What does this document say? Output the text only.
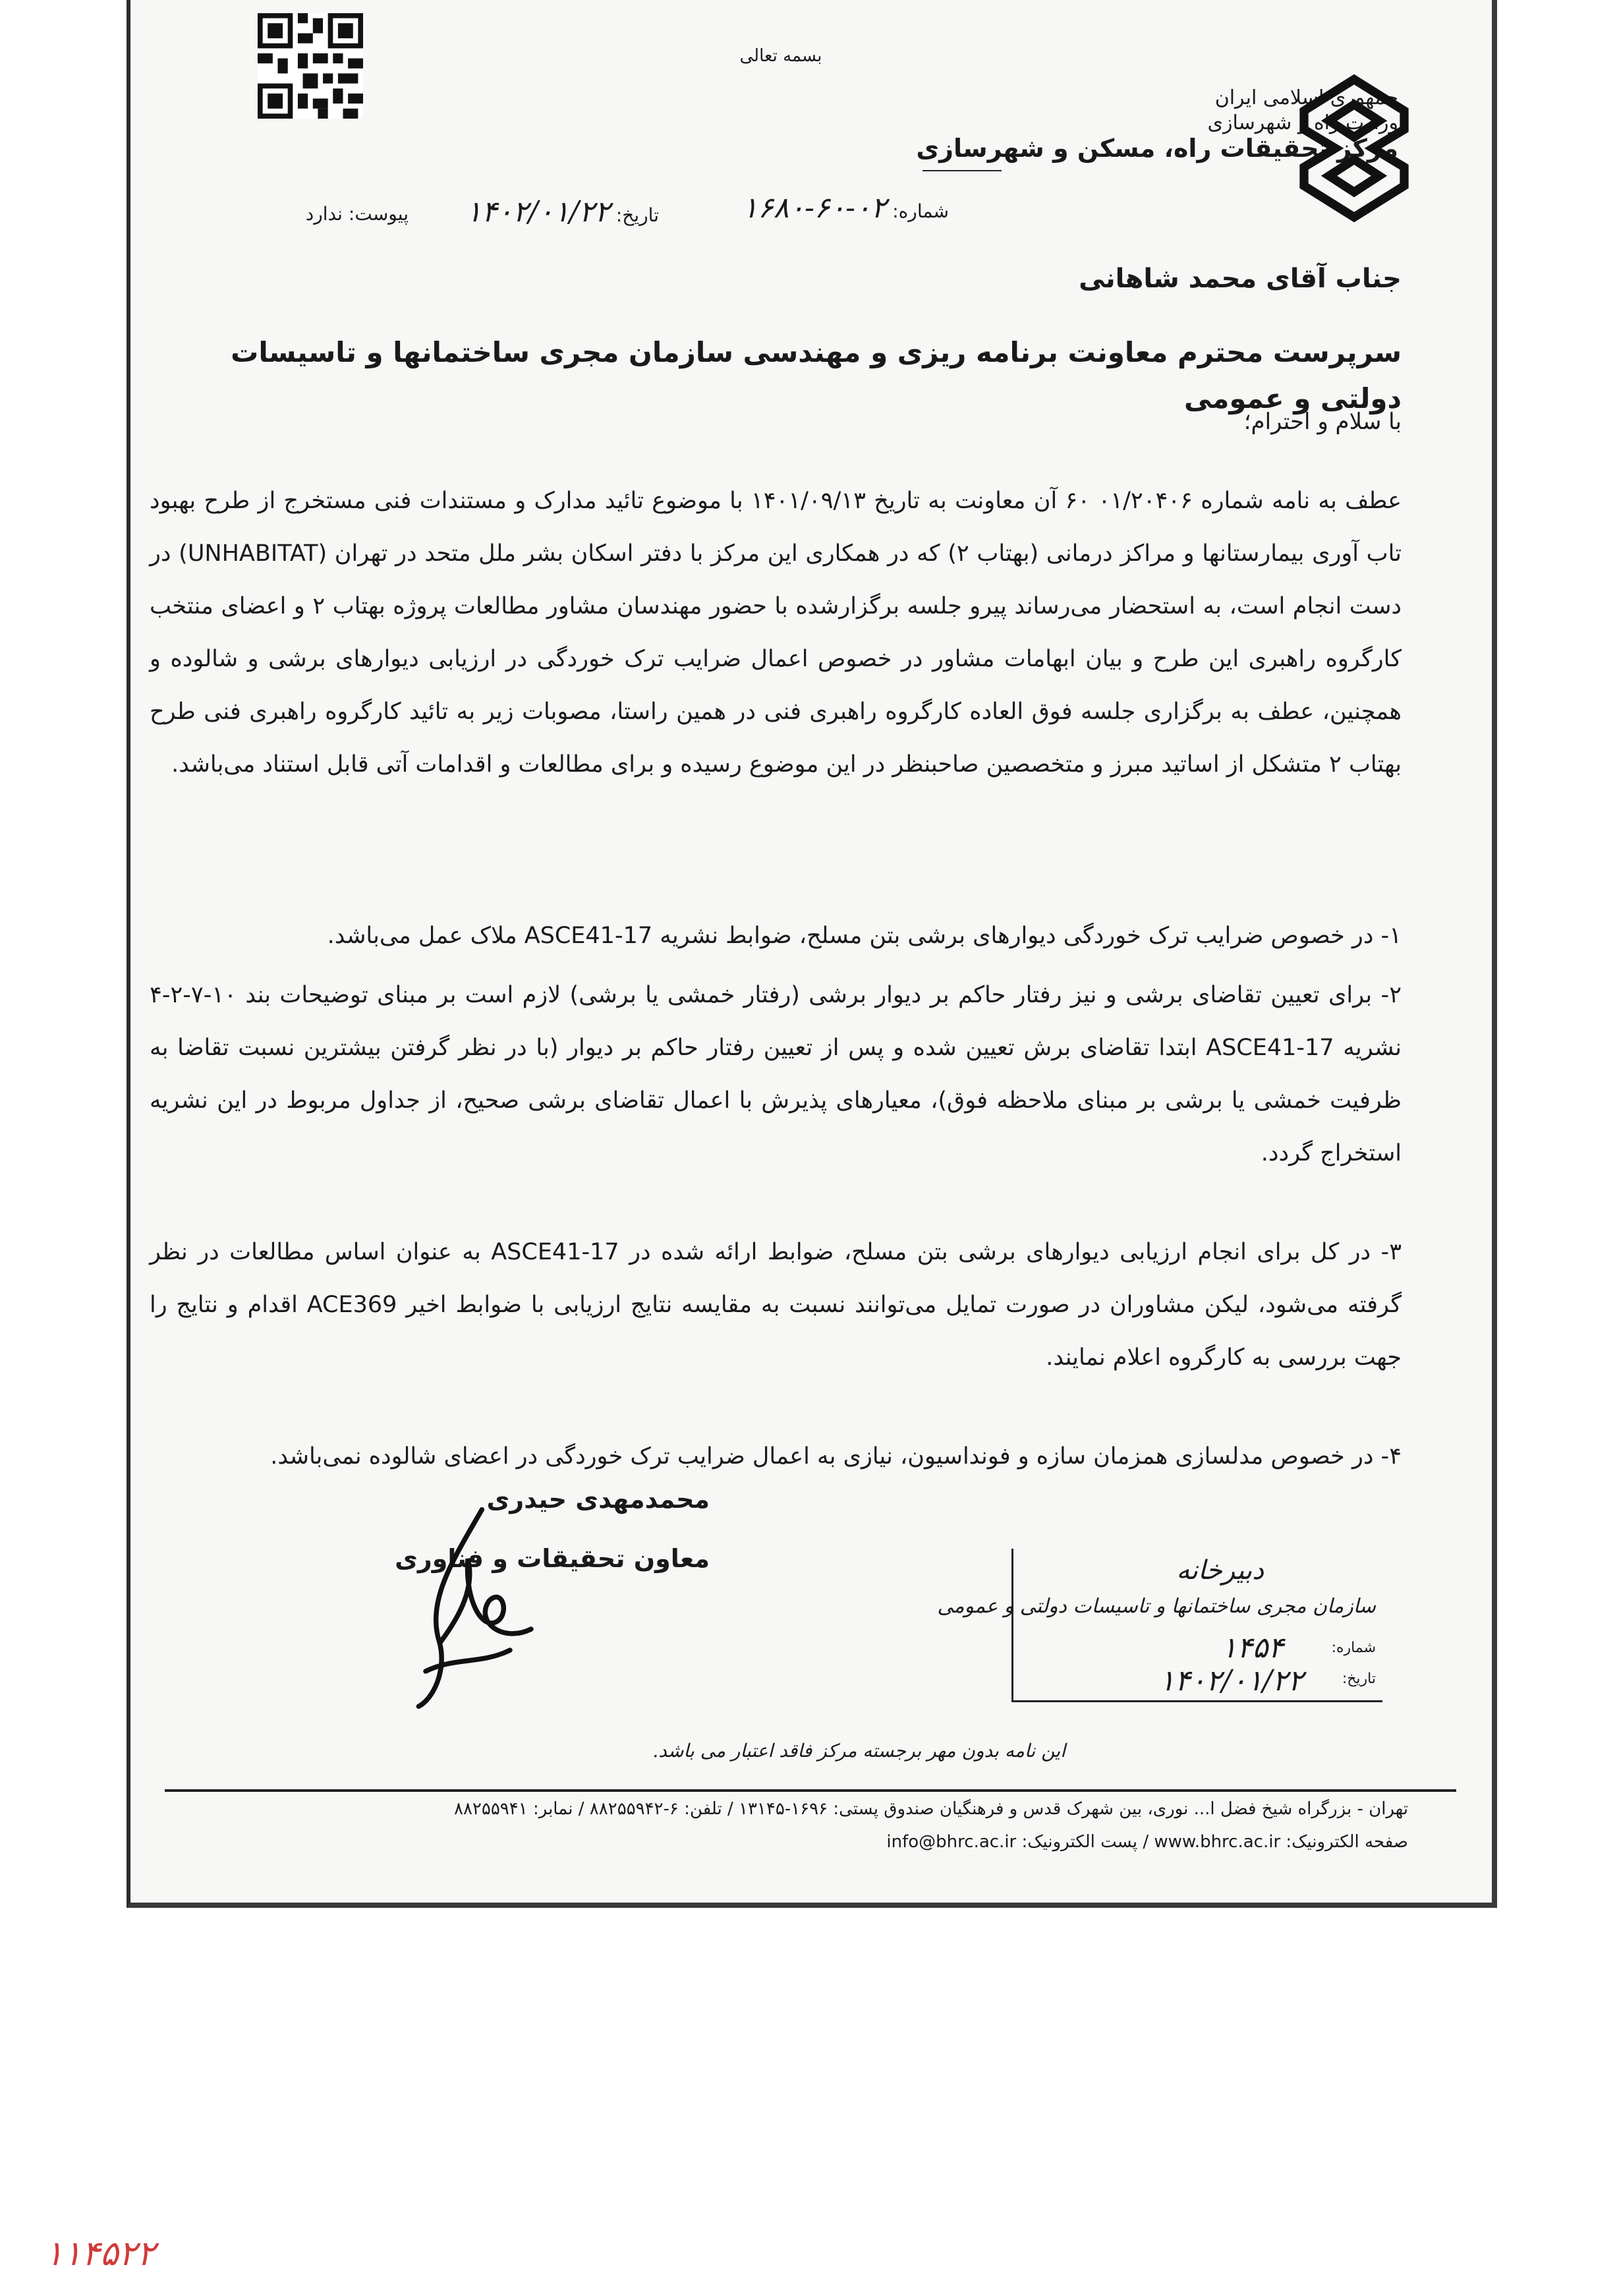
بسمه تعالی
جمهوری اسلامی ایران
وزارت راه و شهرسازی
مرکز تحقیقات راه، مسکن و شهرسازی
شماره: ۰۲-۶۰-۱۶۸۰
تاریخ: ۱۴۰۲/۰۱/۲۲
پیوست: ندارد
جناب آقای محمد شاهانی
سرپرست محترم معاونت برنامه ریزی و مهندسی سازمان مجری ساختمانها و تاسیسات دولتی و عمومی
با سلام و احترام؛
عطف به نامه شماره ۰۱/۲۰۴۰۶ ۶۰ آن معاونت به تاریخ ۱۴۰۱/۰۹/۱۳ با موضوع تائید مدارک و مستندات فنی مستخرج از طرح بهبود تاب آوری بیمارستانها و مراکز درمانی (بهتاب ۲) که در همکاری این مرکز با دفتر اسکان بشر ملل متحد در تهران (UNHABITAT) در دست انجام است، به استحضار می‌رساند پیرو جلسه برگزارشده با حضور مهندسان مشاور مطالعات پروژه بهتاب ۲ و اعضای منتخب کارگروه راهبری این طرح و بیان ابهامات مشاور در خصوص اعمال ضرایب ترک خوردگی در ارزیابی دیوارهای برشی و شالوده و همچنین، عطف به برگزاری جلسه فوق العاده کارگروه راهبری فنی در همین راستا، مصوبات زیر به تائید کارگروه راهبری فنی طرح بهتاب ۲ متشکل از اساتید مبرز و متخصصین صاحبنظر در این موضوع رسیده و برای مطالعات و اقدامات آتی قابل استناد می‌باشد.
۱- در خصوص ضرایب ترک خوردگی دیوارهای برشی بتن مسلح، ضوابط نشریه ASCE41-17 ملاک عمل می‌باشد.
۲- برای تعیین تقاضای برشی و نیز رفتار حاکم بر دیوار برشی (رفتار خمشی یا برشی) لازم است بر مبنای توضیحات بند ۱۰-۷-۲-۴ نشریه ASCE41-17 ابتدا تقاضای برش تعیین شده و پس از تعیین رفتار حاکم بر دیوار (با در نظر گرفتن بیشترین نسبت تقاضا به ظرفیت خمشی یا برشی بر مبنای ملاحظه فوق)، معیارهای پذیرش با اعمال تقاضای برشی صحیح، از جداول مربوط در این نشریه استخراج گردد.
۳- در کل برای انجام ارزیابی دیوارهای برشی بتن مسلح، ضوابط ارائه شده در ASCE41-17 به عنوان اساس مطالعات در نظر گرفته می‌شود، لیکن مشاوران در صورت تمایل می‌توانند نسبت به مقایسه نتایج ارزیابی با ضوابط اخیر ACE369 اقدام و نتایج را جهت بررسی به کارگروه اعلام نمایند.
۴- در خصوص مدلسازی همزمان سازه و فونداسیون، نیازی به اعمال ضرایب ترک خوردگی در اعضای شالوده نمی‌باشد.
محمدمهدی حیدری
معاون تحقیقات و فناوری	دبیرخانه
سازمان مجری ساختمانها و تاسیسات دولتی و عمومی
شماره:
۱۴۵۴
تاریخ:
۱۴۰۲/۰۱/۲۲
این نامه بدون مهر برجسته مرکز فاقد اعتبار می باشد.
تهران - بزرگراه شیخ فضل ا... نوری، بین شهرک قدس و فرهنگیان صندوق پستی: ۱۶۹۶-۱۳۱۴۵ / تلفن: ۶-۸۸۲۵۵۹۴۲ / نمابر: ۸۸۲۵۵۹۴۱
صفحه الکترونیک: www.bhrc.ac.ir / پست الکترونیک: info@bhrc.ac.ir
۱۱۴۵۲۲
